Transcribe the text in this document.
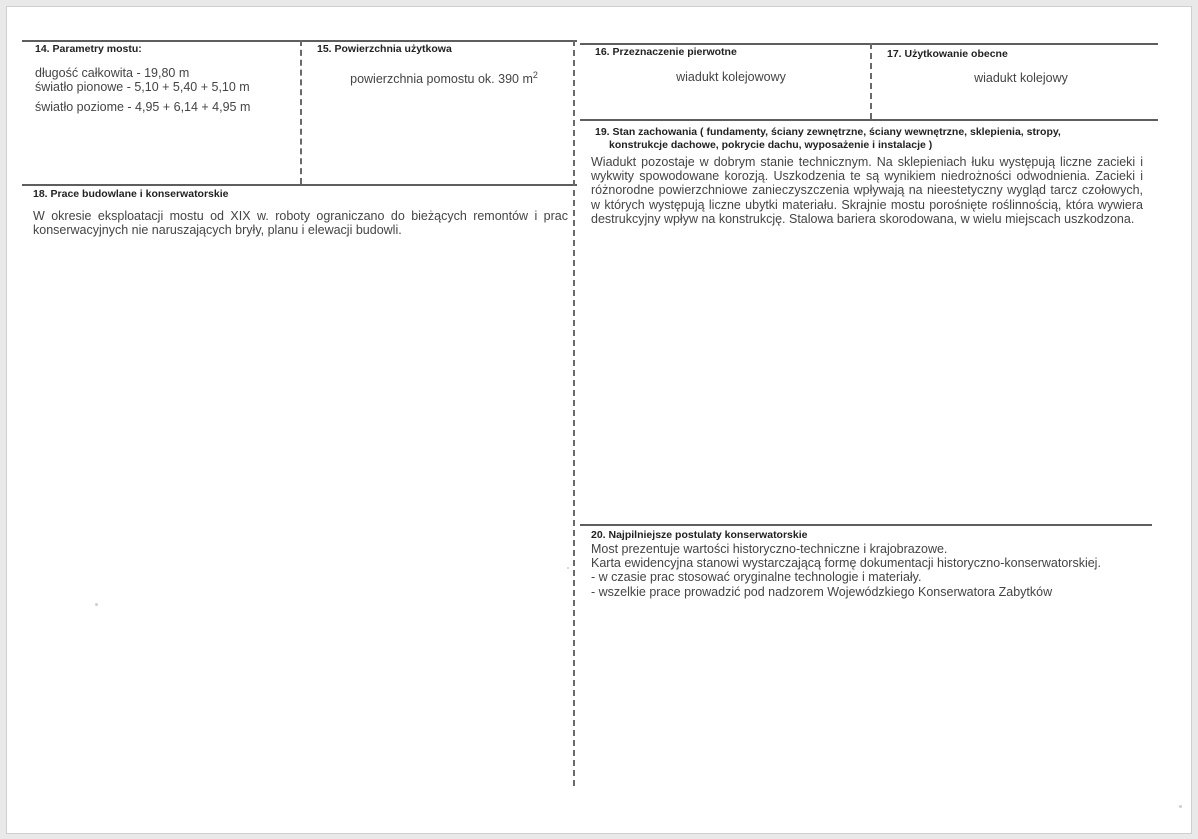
14. Parametry mostu:
długość całkowita - 19,80 m
światło pionowe - 5,10 + 5,40 + 5,10 m
światło poziome - 4,95 + 6,14 + 4,95 m
15. Powierzchnia użytkowa
powierzchnia pomostu ok. 390 $m^2$
16. Przeznaczenie pierwotne
wiadukt kolejowowy
17. Użytkowanie obecne
wiadukt kolejowy
18. Prace budowlane i konserwatorskie
W okresie eksploatacji mostu od XIX w. roboty ograniczano do bieżących remontów i prac konserwacyjnych nie naruszających bryły, planu i elewacji budowli.
19. Stan zachowania ( fundamenty, ściany zewnętrzne, ściany wewnętrzne, sklepienia, stropy,
konstrukcje dachowe, pokrycie dachu, wyposażenie i instalacje )
Wiadukt pozostaje w dobrym stanie technicznym. Na sklepieniach łuku występują liczne zacieki i wykwity spowodowane korozją. Uszkodzenia te są wynikiem niedrożności odwodnienia. Zacieki i różnorodne powierzchniowe zanieczyszczenia wpływają na nieestetyczny wygląd tarcz czołowych, w których występują liczne ubytki materiału. Skrajnie mostu porośnięte roślinnością, która wywiera destrukcyjny wpływ na konstrukcję. Stalowa bariera skorodowana, w wielu miejscach uszkodzona.
20. Najpilniejsze postulaty konserwatorskie
Most prezentuje wartości historyczno-techniczne i krajobrazowe.
Karta ewidencyjna stanowi wystarczającą formę dokumentacji historyczno-konserwatorskiej.
- w czasie prac stosować oryginalne technologie i materiały.
- wszelkie prace prowadzić pod nadzorem Wojewódzkiego Konserwatora Zabytków
